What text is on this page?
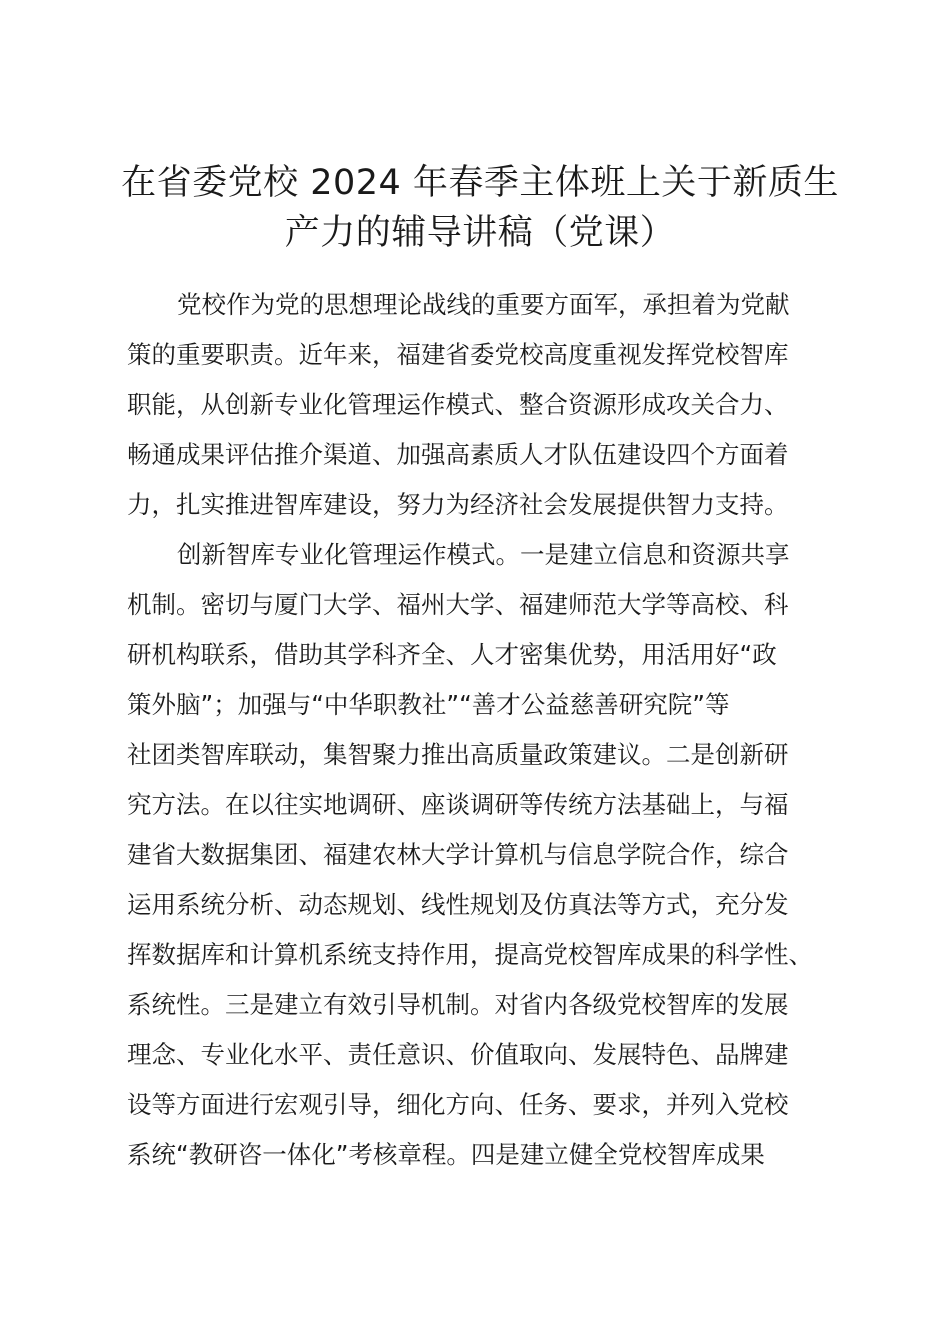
在省委党校 2024 年春季主体班上关于新质生
产力的辅导讲稿（党课）
党校作为党的思想理论战线的重要方面军，承担着为党献
策的重要职责。近年来，福建省委党校高度重视发挥党校智库
职能，从创新专业化管理运作模式、整合资源形成攻关合力、
畅通成果评估推介渠道、加强高素质人才队伍建设四个方面着
力，扎实推进智库建设，努力为经济社会发展提供智力支持。
创新智库专业化管理运作模式。一是建立信息和资源共享
机制。密切与厦门大学、福州大学、福建师范大学等高校、科
研机构联系，借助其学科齐全、人才密集优势，用活用好“政
策外脑”；加强与“中华职教社”“善才公益慈善研究院”等
社团类智库联动，集智聚力推出高质量政策建议。二是创新研
究方法。在以往实地调研、座谈调研等传统方法基础上，与福
建省大数据集团、福建农林大学计算机与信息学院合作，综合
运用系统分析、动态规划、线性规划及仿真法等方式，充分发
挥数据库和计算机系统支持作用，提高党校智库成果的科学性、
系统性。三是建立有效引导机制。对省内各级党校智库的发展
理念、专业化水平、责任意识、价值取向、发展特色、品牌建
设等方面进行宏观引导，细化方向、任务、要求，并列入党校
系统“教研咨一体化”考核章程。四是建立健全党校智库成果
